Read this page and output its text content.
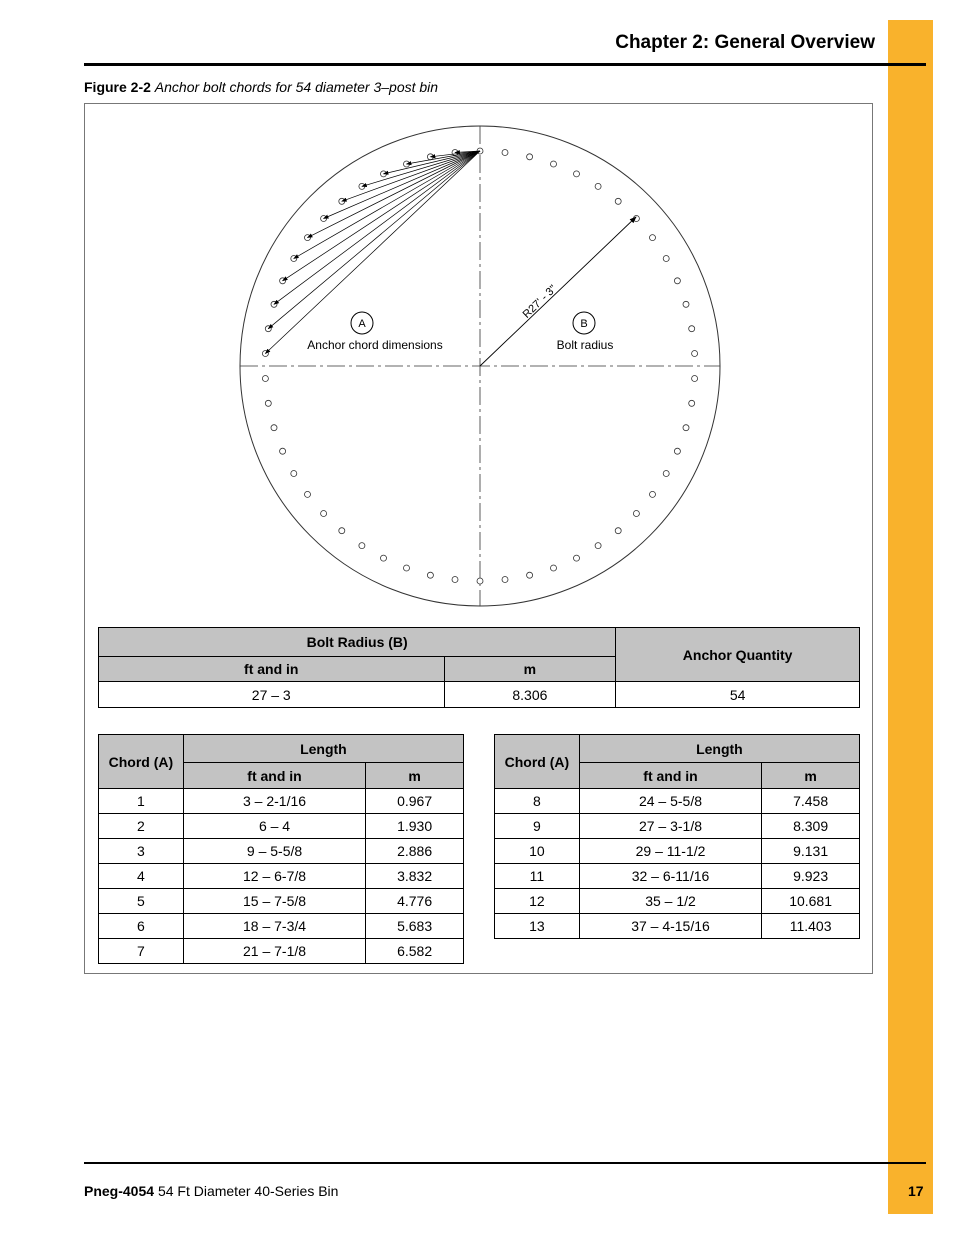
Chapter 2: General Overview
Figure 2-2 Anchor bolt chords for 54 diameter 3–post bin
R27' - 3"
A
Anchor chord dimensions
B
Bolt radius
Bolt Radius (B)		Anchor Quantity
ft and in	m	
27 – 3	8.306	54
Chord (A)	Length	
	ft and in	m
1	3 – 2-1/16	0.967
2	6 – 4	1.930
3	9 – 5-5/8	2.886
4	12 – 6-7/8	3.832
5	15 – 7-5/8	4.776
6	18 – 7-3/4	5.683
7	21 – 7-1/8	6.582
Chord (A)	Length	
	ft and in	m
8	24 – 5-5/8	7.458
9	27 – 3-1/8	8.309
10	29 – 11-1/2	9.131
11	32 – 6-11/16	9.923
12	35 – 1/2	10.681
13	37 – 4-15/16	11.403
Pneg-4054 54 Ft Diameter 40-Series Bin	17
